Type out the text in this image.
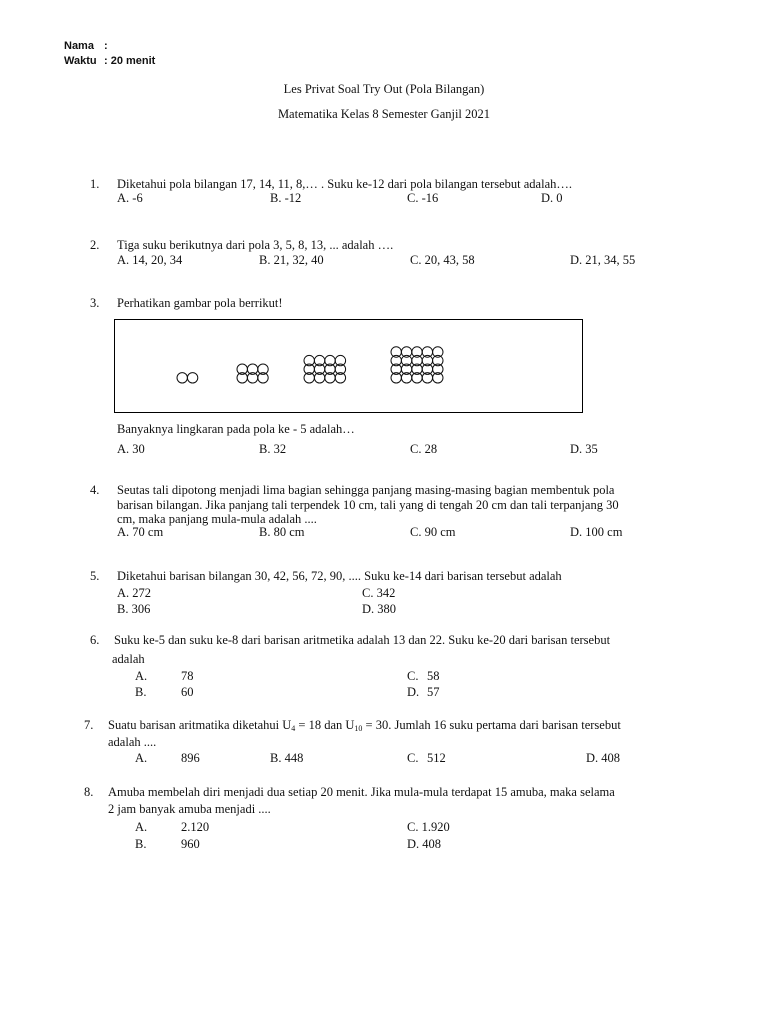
Nama :
Waktu : 20 menit
Les Privat Soal Try Out (Pola Bilangan)
Matematika Kelas 8 Semester Ganjil 2021
1. Diketahui pola bilangan 17, 14, 11, 8,… . Suku ke-12 dari pola bilangan tersebut adalah….
A. -6	B. -12	C. -16	D. 0
2. Tiga suku berikutnya dari pola 3, 5, 8, 13, ... adalah ….
A. 14, 20, 34	B. 21, 32, 40	C. 20, 43, 58	D. 21, 34, 55
3. Perhatikan gambar pola berrikut!
Banyaknya lingkaran pada pola ke - 5 adalah…
A. 30	B. 32	C. 28	D. 35
4. Seutas tali dipotong menjadi lima bagian sehingga panjang masing-masing bagian membentuk pola
barisan bilangan. Jika panjang tali terpendek 10 cm, tali yang di tengah 20 cm dan tali terpanjang 30
cm, maka panjang mula-mula adalah ....
A. 70 cm	B. 80 cm	C. 90 cm	D. 100 cm
5. Diketahui barisan bilangan 30, 42, 56, 72, 90, .... Suku ke-14 dari barisan tersebut adalah
A. 272	C. 342
B. 306	D. 380
6. Suku ke-5 dan suku ke-8 dari barisan aritmetika adalah 13 dan 22. Suku ke-20 dari barisan tersebut
adalah
A.	78	C. 58
B.	60	D. 57
7. Suatu barisan aritmatika diketahui $U_4 = 18$ dan $U_{10} = 30$. Jumlah 16 suku pertama dari barisan tersebut
adalah ....
A.	896	B. 448	C. 512	D. 408
8. Amuba membelah diri menjadi dua setiap 20 menit. Jika mula-mula terdapat 15 amuba, maka selama
2 jam banyak amuba menjadi ....
A.	2.120	C. 1.920
B.	960	D. 408
